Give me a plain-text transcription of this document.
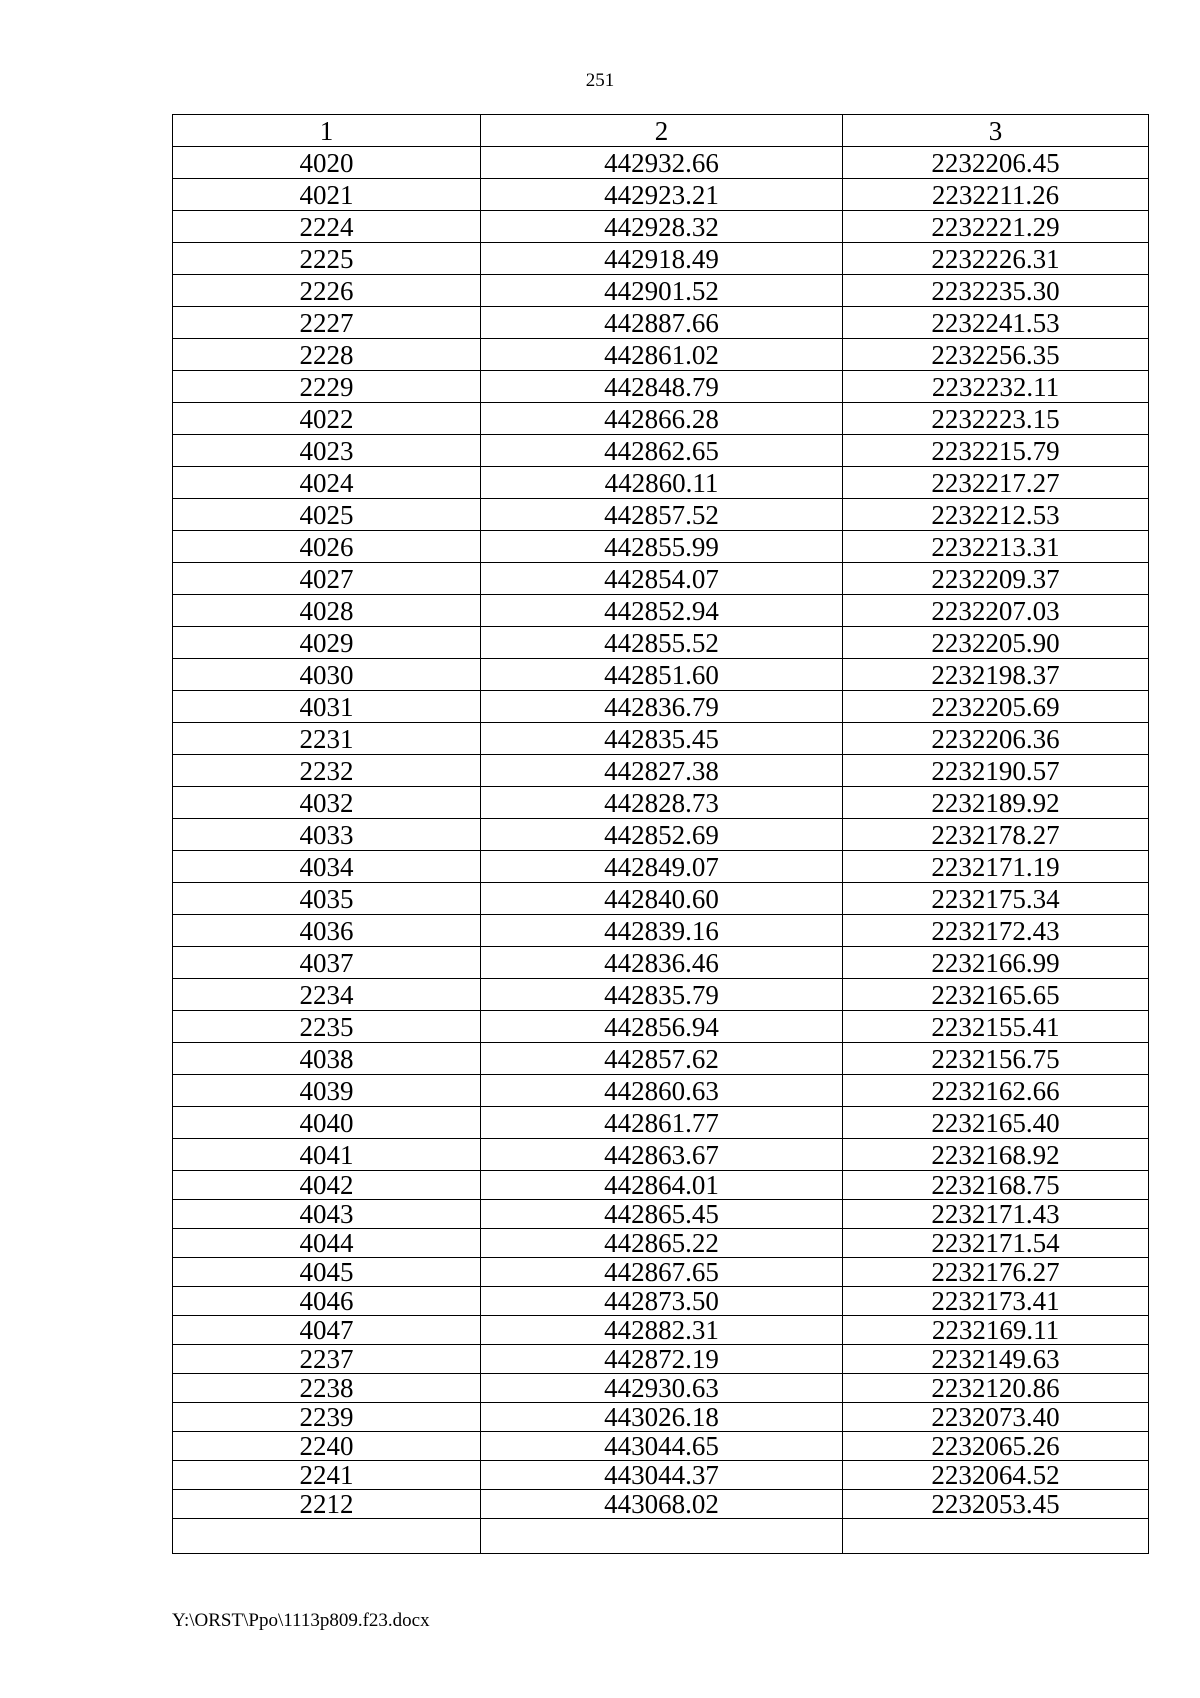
251
1	2	3
4020	442932.66	2232206.45
4021	442923.21	2232211.26
2224	442928.32	2232221.29
2225	442918.49	2232226.31
2226	442901.52	2232235.30
2227	442887.66	2232241.53
2228	442861.02	2232256.35
2229	442848.79	2232232.11
4022	442866.28	2232223.15
4023	442862.65	2232215.79
4024	442860.11	2232217.27
4025	442857.52	2232212.53
4026	442855.99	2232213.31
4027	442854.07	2232209.37
4028	442852.94	2232207.03
4029	442855.52	2232205.90
4030	442851.60	2232198.37
4031	442836.79	2232205.69
2231	442835.45	2232206.36
2232	442827.38	2232190.57
4032	442828.73	2232189.92
4033	442852.69	2232178.27
4034	442849.07	2232171.19
4035	442840.60	2232175.34
4036	442839.16	2232172.43
4037	442836.46	2232166.99
2234	442835.79	2232165.65
2235	442856.94	2232155.41
4038	442857.62	2232156.75
4039	442860.63	2232162.66
4040	442861.77	2232165.40
4041	442863.67	2232168.92
4042	442864.01	2232168.75
4043	442865.45	2232171.43
4044	442865.22	2232171.54
4045	442867.65	2232176.27
4046	442873.50	2232173.41
4047	442882.31	2232169.11
2237	442872.19	2232149.63
2238	442930.63	2232120.86
2239	443026.18	2232073.40
2240	443044.65	2232065.26
2241	443044.37	2232064.52
2212	443068.02	2232053.45

Y:\ORST\Ppo\1113p809.f23.docx
